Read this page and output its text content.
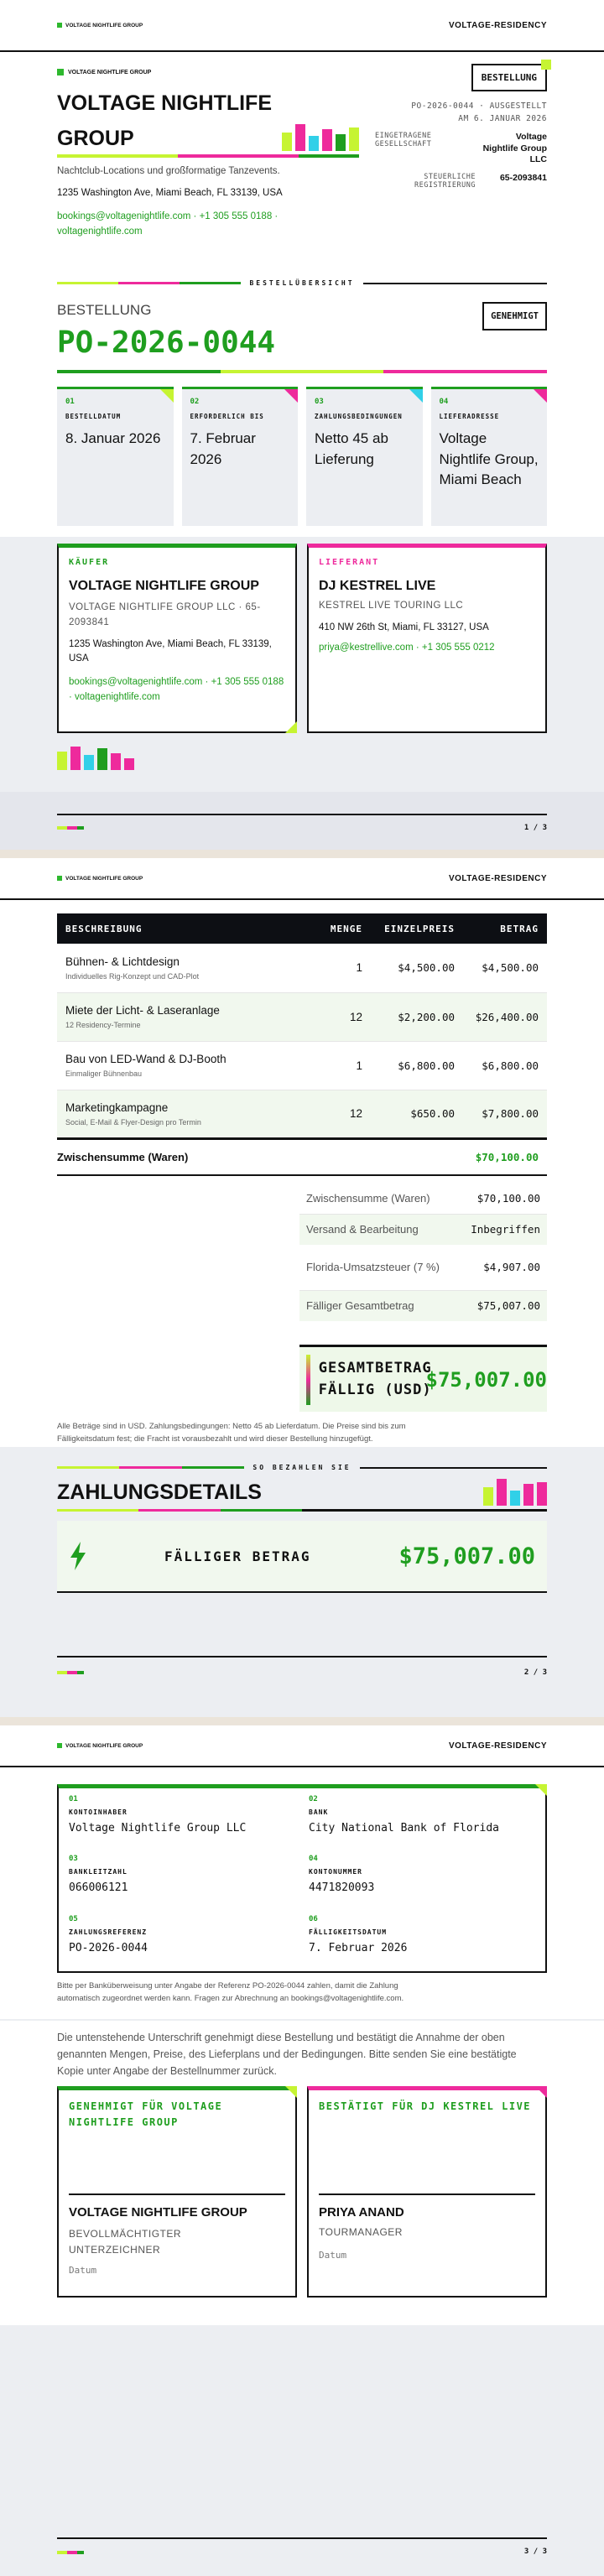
VOLTAGE NIGHTLIFE GROUP	VOLTAGE-RESIDENCY
VOLTAGE NIGHTLIFE GROUP
VOLTAGE NIGHTLIFE
GROUP
Nachtclub-Locations und großformatige Tanzevents.
1235 Washington Ave, Miami Beach, FL 33139, USA
bookings@voltagenightlife.com · +1 305 555 0188 · voltagenightlife.com
BESTELLUNG
PO-2026-0044 · AUSGESTELLT
AM 6. JANUAR 2026
EINGETRAGENE GESELLSCHAFT
Voltage Nightlife Group LLC
STEUERLICHE REGISTRIERUNG
65-2093841
BESTELLÜBERSICHT
BESTELLUNG
PO-2026-0044
GENEHMIGT
01
BESTELLDATUM
8. Januar 2026
02
ERFORDERLICH BIS
7. Februar 2026
03
ZAHLUNGSBEDINGUNGEN
Netto 45 ab Lieferung
04
LIEFERADRESSE
Voltage Nightlife Group, Miami Beach
KÄUFER
VOLTAGE NIGHTLIFE GROUP
VOLTAGE NIGHTLIFE GROUP LLC · 65-2093841
1235 Washington Ave, Miami Beach, FL 33139, USA
bookings@voltagenightlife.com · +1 305 555 0188 · voltagenightlife.com
LIEFERANT
DJ KESTREL LIVE
KESTREL LIVE TOURING LLC
410 NW 26th St, Miami, FL 33127, USA
priya@kestrellive.com · +1 305 555 0212
1 / 3
VOLTAGE NIGHTLIFE GROUP	VOLTAGE-RESIDENCY
BESCHREIBUNG	MENGE	EINZELPREIS	BETRAG

Bühnen- & Lichtdesign
Individuelles Rig-Konzept und CAD-Plot	1	$4,500.00	$4,500.00

Miete der Licht- & Laseranlage
12 Residency-Termine	12	$2,200.00	$26,400.00

Bau von LED-Wand & DJ-Booth
Einmaliger Bühnenbau	1	$6,800.00	$6,800.00

Marketingkampagne
Social, E-Mail & Flyer-Design pro Termin	12	$650.00	$7,800.00
Zwischensumme (Waren)			$70,100.00
Zwischensumme (Waren)	$70,100.00
Versand & Bearbeitung	Inbegriffen
Florida-Umsatzsteuer (7 %)	$4,907.00
Fälliger Gesamtbetrag	$75,007.00
GESAMTBETRAG FÄLLIG (USD)
$75,007.00
Alle Beträge sind in USD. Zahlungsbedingungen: Netto 45 ab Lieferdatum. Die Preise sind bis zum Fälligkeitsdatum fest; die Fracht ist vorausbezahlt und wird dieser Bestellung hinzugefügt.
SO BEZAHLEN SIE
ZAHLUNGSDETAILS
FÄLLIGER BETRAG	$75,007.00
2 / 3
VOLTAGE NIGHTLIFE GROUP	VOLTAGE-RESIDENCY
01
KONTOINHABER
Voltage Nightlife Group LLC
02
BANK
City National Bank of Florida
03
BANKLEITZAHL
066006121
04
KONTONUMMER
4471820093
05
ZAHLUNGSREFERENZ
PO-2026-0044
06
FÄLLIGKEITSDATUM
7. Februar 2026
Bitte per Banküberweisung unter Angabe der Referenz PO-2026-0044 zahlen, damit die Zahlung automatisch zugeordnet werden kann. Fragen zur Abrechnung an bookings@voltagenightlife.com.
Die untenstehende Unterschrift genehmigt diese Bestellung und bestätigt die Annahme der oben genannten Mengen, Preise, des Lieferplans und der Bedingungen. Bitte senden Sie eine bestätigte Kopie unter Angabe der Bestellnummer zurück.
GENEHMIGT FÜR VOLTAGE NIGHTLIFE GROUP
VOLTAGE NIGHTLIFE GROUP
BEVOLLMÄCHTIGTER UNTERZEICHNER
Datum
BESTÄTIGT FÜR DJ KESTREL LIVE
PRIYA ANAND
TOURMANAGER
Datum
3 / 3
